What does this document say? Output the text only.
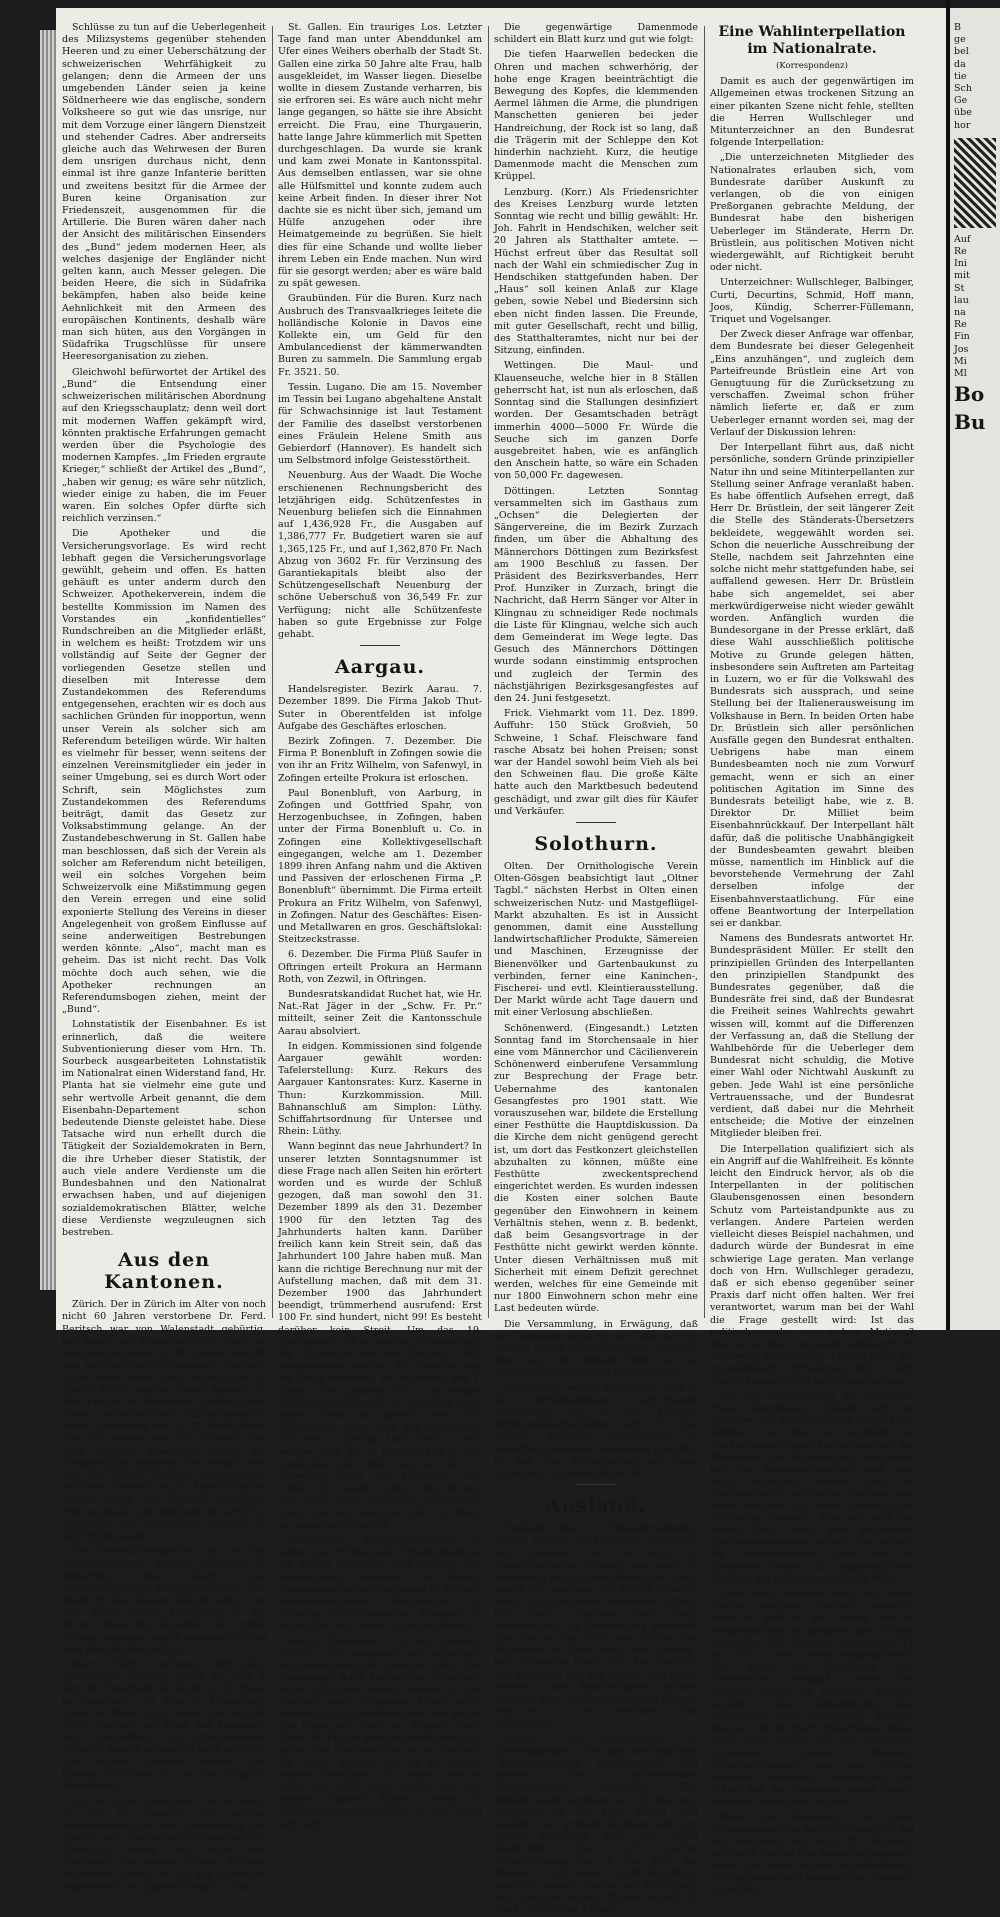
Schlüsse zu tun auf die Ueberlegenheit des Milizsystems gegenüber stehenden Heeren und zu einer Ueberschätzung der schweizerischen Wehrfähigkeit zu gelangen; denn die Armeen der uns umgebenden Länder seien ja keine Söldnerheere wie das englische, sondern Volksheere so gut wie das unsrige, nur mit dem Vorzuge einer längern Dienstzeit und stehender Cadres. Aber andrerseits gleiche auch das Wehrwesen der Buren dem unsrigen durchaus nicht, denn einmal ist ihre ganze Infanterie beritten und zweitens besitzt für die Armee der Buren keine Organisation zur Friedenszeit, ausgenommen für die Artillerie. Die Buren wären daher nach der Ansicht des militärischen Einsenders des „Bund“ jedem modernen Heer, als welches dasjenige der Engländer nicht gelten kann, auch Messer gelegen. Die beiden Heere, die sich in Südafrika bekämpfen, haben also beide keine Aehnlichkeit mit den Armeen des europäischen Kontinents, deshalb wäre man sich hüten, aus den Vorgängen in Südafrika Trugschlüsse für unsere Heeresorganisation zu ziehen.

Gleichwohl befürwortet der Artikel des „Bund“ die Entsendung einer schweizerischen militärischen Abordnung auf den Kriegsschauplatz; denn weil dort mit modernen Waffen gekämpft wird, könnten praktische Erfahrungen gemacht werden über die Psychologie des modernen Kampfes. „Im Frieden ergraute Krieger,“ schließt der Artikel des „Bund“, „haben wir genug; es wäre sehr nützlich, wieder einige zu haben, die im Feuer waren. Ein solches Opfer dürfte sich reichlich verzinsen.“

Die Apotheker und die Versicherungsvorlage. Es wird recht lebhaft gegen die Versicherungsvorlage gewühlt, geheim und offen. Es hatten gehäuft es unter anderm durch den Schweizer. Apothekerverein, indem die bestellte Kommission im Namen des Vorstandes ein „konfidentielles“ Rundschreiben an die Mitglieder erläßt, in welchem es heißt: Trotzdem wir uns vollständig auf Seite der Gegner der vorliegenden Gesetze stellen und dieselben mit Interesse dem Zustandekommen des Referendums entgegensehen, erachten wir es doch aus sachlichen Gründen für inopportun, wenn unser Verein als solcher sich am Referendum beteiligen würde. Wir halten es vielmehr für besser, wenn seitens der einzelnen Vereinsmitglieder ein jeder in seiner Umgebung, sei es durch Wort oder Schrift, sein Möglichstes zum Zustandekommen des Referendums beiträgt, damit das Gesetz zur Volksabstimmung gelange. An der Zustandebeschwerung in St. Gallen habe man beschlossen, daß sich der Verein als solcher am Referendum nicht beteiligen, weil ein solches Vorgehen beim Schweizervolk eine Mißstimmung gegen den Verein erregen und eine solid exponierte Stellung des Vereins in dieser Angelegenheit von großem Einflusse auf seine anderweitigen Bestrebungen werden könnte. „Also“, macht man es geheim. Das ist nicht recht. Das Volk möchte doch auch sehen, wie die Apotheker rechnungen an Referendumsbogen ziehen, meint der „Bund“.

Lohnstatistik der Eisenbahner. Es ist erinnerlich, daß die weitere Subventionierung dieser vom Hrn. Th. Sourbeck ausgearbeiteten Lohnstatistik im Nationalrat einen Widerstand fand, Hr. Planta hat sie vielmehr eine gute und sehr wertvolle Arbeit genannt, die dem Eisenbahn-Departement schon bedeutende Dienste geleistet habe. Diese Tatsache wird nun erhellt durch die Tätigkeit der Sozialdemokraten in Bern, die ihre Urheber dieser Statistik, der auch viele andere Verdienste um die Bundesbahnen und den Nationalrat erwachsen haben, und auf diejenigen sozialdemokratischen Blätter, welche diese Verdienste wegzuleugnen sich bestreben.

Aus den Kantonen.

Zürich. Der in Zürich im Alter von noch nicht 60 Jahren verstorbene Dr. Ferd. Beritsch war von Walenstadt gebürtig, hat zuerst als Sekundarlehrer, dann als Kantonsschullehrer in St. Gallen gewirkt und nachher eine Privatanstalt errichtet, die er später nach Zürich verlegte und zu großer Blüte brachte. Diese Anstalt, im Hof Kriegel in Hottingen, umfaßt jetzt einen umfangreichen Häuserkomplex, einen Lehrkörper von ca. 20 Fachlehrern und ein Internat von 130 Schülern aus allen Nationen. Besonders werden die Handelsfächer gepflegt. Die Anstalt wird von den Söhnen Beritsch weitergeführt. Mit Herd. Beritsch ist ein Arbeit überaus reicher Mann voll Tatkraft erloschen. Eine originelle Lehrmethode ist durch ihn gegründet. Als spekulativer Kopf hat er viel Erfolg gehabt.

Die Transvaal-Regierung hat bei der topographischen Anstalt Schlumpf in Winterthur eine Karte des Transvaalgebietes anfertigen lassen. Vor Ausbruch des Krieges konnte jedoch nur eine kleine Anzahl Exemplare an die Buren Regierung abgehen; die große Auflage dagegen lagert gegenwärtig auf dem Bahnhof Winterthur.

Bern. Nicht geringen Schrecken verursachte Sonntag nachts um halb 2 Uhr der Feuerlärm in Aarberg. Ein Haus in Surenhorn, 10 Min. v. Friensberg, stand in Brand und wurde mit einiger Stück Rindvieh ein Raub der Flammen. Der Brandstifter, ein arbeitsscheuer Bursche, konnte in Seedorf noch ermittelt und dingfest gemacht werden. Ein bitteres Schicksal für die von Unglück Betroffenen.

Uri. Im Urner „Amtsblatt“ ist zu lesen: Da es in jüngster Zeit wieder vorgekommen, daß von Unterwalden her Jäger in den urnerischen Freiberg auf die Gemsjagd kamen und sogar den Wildhüter und dessen Bruder Schüsse abgegeben haben, so ist der Wildhüter angewiesen, den Jägern Einhalt zu tun.

St. Gallen. Ein trauriges Los. Letzter Tage fand man unter Abenddunkel am Ufer eines Weihers oberhalb der Stadt St. Gallen eine zirka 50 Jahre alte Frau, halb ausgekleidet, im Wasser liegen. Dieselbe wollte in diesem Zustande verharren, bis sie erfroren sei. Es wäre auch nicht mehr lange gegangen, so hätte sie ihre Absicht erreicht. Die Frau, eine Thurgauerin, hatte lange Jahre kümmerlich mit Spetten durchgeschlagen. Da wurde sie krank und kam zwei Monate in Kantonsspital. Aus demselben entlassen, war sie ohne alle Hülfsmittel und konnte zudem auch keine Arbeit finden. In dieser ihrer Not dachte sie es nicht über sich, jemand um Hülfe anzugehen oder ihre Heimatgemeinde zu begrüßen. Sie hielt dies für eine Schande und wollte lieber ihrem Leben ein Ende machen. Nun wird für sie gesorgt werden; aber es wäre bald zu spät gewesen.

Graubünden. Für die Buren. Kurz nach Ausbruch des Transvaalkrieges leitete die holländische Kolonie in Davos eine Kollekte ein, um Geld für den Ambulancedienst der kämmerwandten Buren zu sammeln. Die Sammlung ergab Fr. 3521. 50.

Tessin. Lugano. Die am 15. November im Tessin bei Lugano abgehaltene Anstalt für Schwachsinnige ist laut Testament der Familie des daselbst verstorbenen eines Fräulein Helene Smith aus Gebierdorf (Hannover). Es handelt sich um Selbstmord infolge Geistesstörtheit.

Neuenburg. Aus der Waadt. Die Woche erschienenen Rechnungsbericht des letzjährigen eidg. Schützenfestes in Neuenburg beliefen sich die Einnahmen auf 1,436,928 Fr., die Ausgaben auf 1,386,777 Fr. Budgetiert waren sie auf 1,365,125 Fr., und auf 1,362,870 Fr. Nach Abzug von 3602 Fr. für Verzinsung des Garantiekapitals bleibt also der Schützengesellschaft Neuenburg der schöne Ueberschuß von 36,549 Fr. zur Verfügung; nicht alle Schützenfeste haben so gute Ergebnisse zur Folge gehabt.

Aargau.

Handelsregister. Bezirk Aarau. 7. Dezember 1899. Die Firma Jakob Thut-Suter in Oberentfelden ist infolge Aufgabe des Geschäftes erloschen.

Bezirk Zofingen. 7. Dezember. Die Firma P. Bonenbluft in Zofingen sowie die von ihr an Fritz Wilhelm, von Safenwyl, in Zofingen erteilte Prokura ist erloschen.

Paul Bonenbluft, von Aarburg, in Zofingen und Gottfried Spahr, von Herzogenbuchsee, in Zofingen, haben unter der Firma Bonenbluft u. Co. in Zofingen eine Kollektivgesellschaft eingegangen, welche am 1. Dezember 1899 ihren Anfang nahm und die Aktiven und Passiven der erloschenen Firma „P. Bonenbluft“ übernimmt. Die Firma erteilt Prokura an Fritz Wilhelm, von Safenwyl, in Zofingen. Natur des Geschäftes: Eisen- und Metallwaren en gros. Geschäftslokal: Steitzeckstrasse.

6. Dezember. Die Firma Plüß Saufer in Oftringen erteilt Prokura an Hermann Roth, von Zezwil, in Oftringen.

Bundesratskandidat Ruchet hat, wie Hr. Nat.-Rat Jäger in der „Schw. Fr. Pr.“ mitteilt, seiner Zeit die Kantonsschule Aarau absolviert.

In eidgen. Kommissionen sind folgende Aargauer gewählt worden: Tafelerstellung: Kurz. Rekurs des Aargauer Kantonsrates: Kurz. Kaserne in Thun: Kurzkommission. Mill. Bahnanschluß am Simplon: Lüthy. Schiffahrtsordnung für Untersee und Rhein: Lüthy.

Wann beginnt das neue Jahrhundert? In unserer letzten Sonntagsnummer ist diese Frage nach allen Seiten hin erörtert worden und es wurde der Schluß gezogen, daß man sowohl den 31. Dezember 1899 als den 31. Dezember 1900 für den letzten Tag des Jahrhunderts halten kann. Darüber freilich kann kein Streit sein, daß das Jahrhundert 100 Jahre haben muß. Man kann die richtige Berechnung nur mit der Aufstellung machen, daß mit dem 31. Dezember 1900 das Jahrhundert beendigt, trümmerhend ausrufend: Erst 100 Fr. sind hundert, nicht 99! Es besteht darüber kein Streit. Um das 19. Jahrhundert voll zu machen, müssen noch die Zählungen mit der Zählung 1900 vorgenommen werden. Ein Beispiel mag die Frage erläutern. Es ist jemand den 1. Januar 1800 geboren. Ist er im vorigen Jahrhundert geboren? Es wird sich jeder sagen: Nein, in diesem (dem 19.) Jahrhundert. Dann ging der Betreffende mit dem 1. Januar 1801 bloß in sein zweites Jahr, mit 1. Januar 1899 in sein hunderstes Jahr über und hat mit 31. Dezember 1899 das hunderste Jahr erfüllt. Die hundert Jahre sind da und man kann nicht von einem Jahrhundert reden, daß mit dem Jahr 1801 zu zählen an, dann sind's erst 99.

Aargauische Fertigungsaktuare. Es haben die Prüfung als Fertigungsaktuar mit Erfolg bestanden und wurden vom Regierungsrat patentiert: Die Herren Gemeindeschreiber Bachmann in Wittwyl, Gemeindeschreiber Bohnenbluft in Aarburg, Gerichtskanzlist Rengger in Aarau und Aug. Keller in Oberendingen.

Aarau. (Mitgeteilt.) In der Gießerei Oehler u. Co. ereignete sich vorgestern nach Feierabend ein schwerer Unfall. Der Handlanger Adolf Lehner von Gränichen sollte mit einem andern Arbeiter in der Gießerei eine dringende Arbeit fertig machen. Aus Unvorsichtigkeit und gegen alle Regel hat einer der Arbeiter beim Offen die Klappe ganz zugeschlossen. Als später der Nachtwächter in der Gießerei die Runde machte, traf er die beiden Männer bewußtlos an. Lehner, erst 24 Jahre alt, ledig, war bereits tot, der andere, Namens Ryhurz, wurde zu Wiederbelebungsversuchen in das Spital verbracht.

Die gegenwärtige Damenmode schildert ein Blatt kurz und gut wie folgt:

Die tiefen Haarwellen bedecken die Ohren und machen schwerhörig, der hohe enge Kragen beeinträchtigt die Bewegung des Kopfes, die klemmenden Aermel lähmen die Arme, die plundrigen Manschetten genieren bei jeder Handreichung, der Rock ist so lang, daß die Trägerin mit der Schleppe den Kot hinderhin nachzieht. Kurz, die heutige Damenmode macht die Menschen zum Krüppel.

Lenzburg. (Korr.) Als Friedensrichter des Kreises Lenzburg wurde letzten Sonntag wie recht und billig gewählt: Hr. Joh. Fahrlt in Hendschiken, welcher seit 20 Jahren als Statthalter amtete. — Hüchst erfreut über das Resultat soll nach der Wahl ein schmiedischer Zug in Hendschiken stattgefunden haben. Der „Haus“ soll keinen Anlaß zur Klage geben, sowie Nebel und Biedersinn sich eben nicht finden lassen. Die Freunde, mit guter Gesellschaft, recht und billig, des Statthalteramtes, nicht nur bei der Sitzung, einfinden.

Wettingen. Die Maul- und Klauenseuche, welche hier in 8 Ställen geherrscht hat, ist nun als erloschen, daß Sonntag sind die Stallungen desinfiziert worden. Der Gesamtschaden beträgt immerhin 4000—5000 Fr. Würde die Seuche sich im ganzen Dorfe ausgebreitet haben, wie es anfänglich den Anschein hatte, so wäre ein Schaden von 50,000 Fr. dagewesen.

Döttingen. Letzten Sonntag versammelten sich im Gasthaus zum „Ochsen“ die Delegierten der Sängervereine, die im Bezirk Zurzach finden, um über die Abhaltung des Männerchors Döttingen zum Bezirksfest am 1900 Beschluß zu fassen. Der Präsident des Bezirksverbandes, Herr Prof. Hunziker in Zurzach, bringt die Nachricht, daß Herrn Sänger vor Alter in Klingnau zu schneidiger Rede nochmals die Liste für Klingnau, welche sich auch dem Gemeinderat im Wege legte. Das Gesuch des Männerchors Döttingen wurde sodann einstimmig entsprochen und zugleich der Termin des nächstjährigen Bezirksgesangfestes auf den 24. Juni festgesetzt.

Frick. Viehmarkt vom 11. Dez. 1899. Auffuhr: 150 Stück Großvieh, 50 Schweine, 1 Schaf. Fleischware fand rasche Absatz bei hohen Preisen; sonst war der Handel sowohl beim Vieh als bei den Schweinen flau. Die große Kälte hatte auch den Marktbesuch bedeutend geschädigt, und zwar gilt dies für Käufer und Verkäufer.

Solothurn.

Olten. Der Ornithologische Verein Olten-Gösgen beabsichtigt laut „Oltner Tagbl.“ nächsten Herbst in Olten einen schweizerischen Nutz- und Mastgeflügel-Markt abzuhalten. Es ist in Aussicht genommen, damit eine Ausstellung landwirtschaftlicher Produkte, Sämereien und Maschinen, Erzeugnisse der Bienenvölker und Gartenbaukunst zu verbinden, ferner eine Kaninchen-, Fischerei- und evtl. Kleintierausstellung. Der Markt würde acht Tage dauern und mit einer Verlosung abschließen.

Schönenwerd. (Eingesandt.) Letzten Sonntag fand im Storchensaale in hier eine vom Männerchor und Cäcilienverein Schönenwerd einberufene Versammlung zur Besprechung der Frage betr. Uebernahme des kantonalen Gesangfestes pro 1901 statt. Wie vorauszusehen war, bildete die Erstellung einer Festhütte die Hauptdiskussion. Da die Kirche dem nicht genügend gerecht ist, um dort das Festkonzert gleichstellen abzuhalten zu können, müßte eine Festhütte zweckentsprechend eingerichtet werden. Es wurden indessen die Kosten einer solchen Baute gegenüber den Einwohnern in keinem Verhältnis stehen, wenn z. B. bedenkt, daß beim Gesangsvortrage in der Festhütte nicht gewirkt werden könnte. Unter diesen Verhältnissen muß mit Sicherheit mit einem Defizit gerechnet werden, welches für eine Gemeinde mit nur 1800 Einwohnern schon mehr eine Last bedeuten würde.

Die Versammlung, in Erwägung, daß die Gemeinde nicht in der Lage ist, ein solches Defizit zu übernehmen, beschloß denn auch mit großem Mehr, auf die Uebernahme des Festes zu verzichten.

Gleichzeitig wurde konstatiert, daß in die Schützenfesten herrschende Auffassung, als ob die hiesigen Schützengesellschaften sich für das nächste Kantonale Schützenfest zu bewerben gedenken, vollständig unrichtig ist und eine Verwechslung mit einer Aprilscherz zurückzuführen ist.

Ausland.

England. Das 9. Husarenregiment, dessen Oberst der Prinz von Wales ist, hat Unglück. Als es noch in Niederländischen Feldzug war, brach in demselben das Scharlachfieber aus, dann wurde es, nachdem es Befehl erhalten hatte, nach Südafrika abzugehen, irrtüm. lich nach Liverpool statt nach Southampton zur Einschiffung geschickt und nun ist das Schiff, das ein Teil des Regiments an Bord hatte, der „Ismore“ bei Columbine Point, 150 Km. nördlich von Kapstadt, fast alle Pferde, 400 Stück verloren. Die Mannschaften wurden gerettet, aber das Regiment wird längere Zeit vor an den Gefechten nicht teilnehmen.

Bayern. Das Passionsspiel in Oberammergau. Für das nächstjährige Oberammergauer Passionsspiel sind bereits die umfassendsten Vorbereitungen getroffen. Die Aufführungen beginnen am 24. Mai und schließen am 30. Sept. 27mal wird gespielt, bei großem Andrang wird am darauf folgenden Tage das Spiel wiederholt, das mit kurzer Unterbrechung von 8 Uhr früh bis Abends 5 Uhr dauert. 4100 Sitzplätze, sämtlich gedeckt, stehen zur Verfügung; der Preis des ersten Platzes beträgt 10 Mark, des letzten 1 Mark.

Eine Wahlinterpellation im Nationalrate.
(Korrespondenz)

Damit es auch der gegenwärtigen im Allgemeinen etwas trockenen Sitzung an einer pikanten Szene nicht fehle, stellten die Herren Wullschleger und Mitunterzeichner an den Bundesrat folgende Interpellation:

„Die unterzeichneten Mitglieder des Nationalrates erlauben sich, vom Bundesrate darüber Auskunft zu verlangen, ob die von einigen Preßorganen gebrachte Meldung, der Bundesrat habe den bisherigen Ueberleger im Ständerate, Herrn Dr. Brüstlein, aus politischen Motiven nicht wiedergewählt, auf Richtigkeit beruht oder nicht.

Unterzeichner: Wullschleger, Balbinger, Curti, Decurtins, Schmid, Hoff mann, Joos, Kündig, Scherrer-Füllemann, Triquet und Vogelsanger.

Der Zweck dieser Anfrage war offenbar, dem Bundesrate bei dieser Gelegenheit „Eins anzuhängen“, und zugleich dem Parteifreunde Brüstlein eine Art von Genugtuung für die Zurücksetzung zu verschaffen. Zweimal schon früher nämlich lieferte er, daß er zum Ueberleger ernannt worden sei, mag der Verlauf der Diskussion lehren:

Der Interpellant führt aus, daß nicht persönliche, sondern Gründe prinzipieller Natur ihn und seine Mitinterpellanten zur Stellung seiner Anfrage veranlaßt haben. Es habe öffentlich Aufsehen erregt, daß Herr Dr. Brüstlein, der seit längerer Zeit die Stelle des Ständerats-Übersetzers bekleidete, weggewählt worden sei. Schon die neuerliche Ausschreibung der Stelle, nachdem seit Jahrzehnten eine solche nicht mehr stattgefunden habe, sei auffallend gewesen. Herr Dr. Brüstlein habe sich angemeldet, sei aber merkwürdigerweise nicht wieder gewählt worden. Anfänglich wurden die Bundesorgane in der Presse erklärt, daß diese Wahl ausschließlich politische Motive zu Grunde gelegen hätten, insbesondere sein Auftreten am Parteitag in Luzern, wo er für die Volkswahl des Bundesrats sich aussprach, und seine Stellung bei der Italienerausweisung im Volkshause in Bern. In beiden Orten habe Dr. Brüstlein sich aller persönlichen Ausfälle gegen den Bundesrat enthalten. Uebrigens habe man einem Bundesbeamten noch nie zum Vorwurf gemacht, wenn er sich an einer politischen Agitation im Sinne des Bundesrats beteiligt habe, wie z. B. Direktor Dr. Milliet beim Eisenbahnrückkauf. Der Interpellant hält dafür, daß die politische Unabhängigkeit der Bundesbeamten gewahrt bleiben müsse, namentlich im Hinblick auf die bevorstehende Vermehrung der Zahl derselben infolge der Eisenbahnverstaatlichung. Für eine offene Beantwortung der Interpellation sei er dankbar.

Namens des Bundesrats antwortet Hr. Bundespräsident Müller. Er stellt den prinzipiellen Gründen des Interpellanten den prinzipiellen Standpunkt des Bundesrates gegenüber, daß die Bundesräte frei sind, daß der Bundesrat die Freiheit seines Wahlrechts gewahrt wissen will, kommt auf die Differenzen der Verfassung an, daß die Stellung der Wahlbehörde für die Ueberleger dem Bundesrat nicht schuldig, die Motive einer Wahl oder Nichtwahl Auskunft zu geben. Jede Wahl ist eine persönliche Vertrauenssache, und der Bundesrat verdient, daß dabei nur die Mehrheit entscheide; die Motive der einzelnen Mitglieder bleiben frei.

Die Interpellation qualifiziert sich als ein Angriff auf die Wahlfreiheit. Es könnte leicht den Eindruck hervor, als ob die Interpellanten in der politischen Glaubensgenossen einen besondern Schutz vom Parteistandpunkte aus zu verlangen. Andere Parteien werden vielleicht dieses Beispiel nachahmen, und dadurch würde der Bundesrat in eine schwierige Lage geraten. Man verlange doch von Hrn. Wullschleger geradezu, daß er sich ebenso gegenüber seiner Praxis darf nicht offen halten. Wer frei verantwortet, warum man bei der Wahl die Frage gestellt wird: Ist das politischen oder aus andern Motiven? Wer so bei allen von jenem gestimmt? Dr. Bundesrat könnte diese Fragen nicht ein grundsätzliche Verwahrung und es wird dies in Zukunft nicht mehr beantworten.

Auf die Beantwortung der gestellten Frage übergehend, verwahrt sich der Sprecher des Bundesrates in erster Linie darüber, daß man so leichthin die Aeußerungen einiger Preßorgane und die Meinungen des Bundesrates verarbeitet hat. Der Bundesverwaltung wird man nicht vorwerfen können, daß sie Anhänger aller politischen Parteien vom Amte fernhalte. Er kenne Beamte aller politischen Parteien. Man hat noch bei keiner Wahl nach dem politischen Glaubensbekenntnis gefragt. Nur müssen die Bundesbeamten auch den in politischen Dingen die grundsätzlichen Freiheit, wie in keinem Land der Welt.

Auch Herr Brüstlein habe von dieser Freiheit ausgiebig Gebrauch gemacht, wenn er sich in der Presse und in Versammlungen so geäußert, daß er habe successive alle Parteien angegriffen. Er hat sich in einer Weise ausgesprochen, daß darin der Bundesrat zum Einschreiten veranlaßt, wenn die Beamten gegen die politische Freiheit bezüglich einer Versammlung eine Unterschrift sich mißbraucht würden, zwingen würde. Herr Wullschleger möge selbst dafür sorgen, daß eine Bundesrat gegenüber denen Beamten Schutzbefohlenen, wie man solche Beamten gegenüber Rücksichten des Taktes und des Anstandes denen seinen Beamten beobachtet werden.

Wenn der Bundesrat vor diese Vorkommnisse die gestellte Frage, ob bei der Nichtwahl des Herrn Dr. Brüstlein politische Motive den Ausschlag gegeben haben, mit einem runden, vorbehaltlosen, rückhaltlosen Nein beantwortet. Dagegen lagen Mo-

B
ge
bel
da
tie
Sch
Ge
übe
hor
Auf
Re
Ini
mit
St
lau
na
Re
Fin
Jos
Mi
Ml
Bo
Bu
